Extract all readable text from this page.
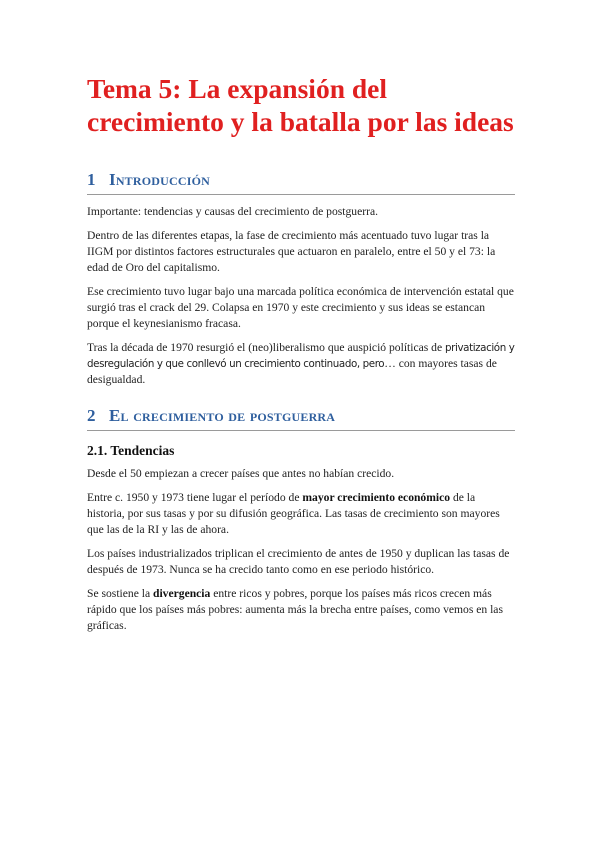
Tema 5: La expansión del crecimiento y la batalla por las ideas
1 Introducción

Importante: tendencias y causas del crecimiento de postguerra.

Dentro de las diferentes etapas, la fase de crecimiento más acentuado tuvo lugar tras la IIGM por distintos factores estructurales que actuaron en paralelo, entre el 50 y el 73: la edad de Oro del capitalismo.

Ese crecimiento tuvo lugar bajo una marcada política económica de intervención estatal que surgió tras el crack del 29. Colapsa en 1970 y este crecimiento y sus ideas se estancan porque el keynesianismo fracasa.

Tras la década de 1970 resurgió el (neo)liberalismo que auspició políticas de privatización y desregulación y que conllevó un crecimiento continuado, pero… con mayores tasas de desigualdad.

2 El crecimiento de postguerra
2.1. Tendencias

Desde el 50 empiezan a crecer países que antes no habían crecido.

Entre c. 1950 y 1973 tiene lugar el período de mayor crecimiento económico de la historia, por sus tasas y por su difusión geográfica. Las tasas de crecimiento son mayores que las de la RI y las de ahora.

Los países industrializados triplican el crecimiento de antes de 1950 y duplican las tasas de después de 1973. Nunca se ha crecido tanto como en ese periodo histórico.

Se sostiene la divergencia entre ricos y pobres, porque los países más ricos crecen más rápido que los países más pobres: aumenta más la brecha entre países, como vemos en las gráficas.
